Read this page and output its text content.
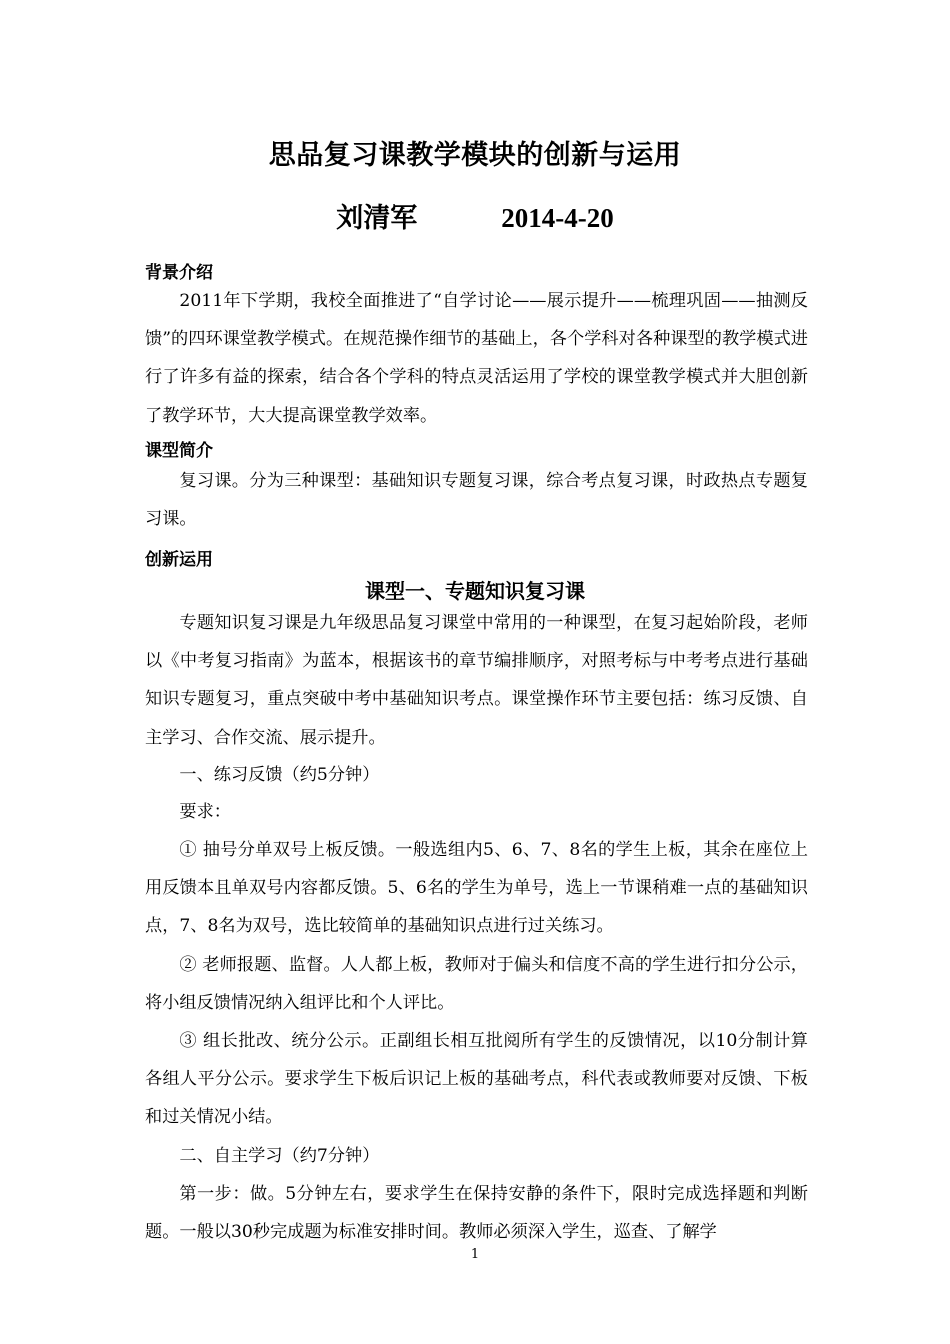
思品复习课教学模块的创新与运用
刘清军	2014-4-20
背景介绍

2011年下学期，我校全面推进了“自学讨论——展示提升——梳理巩固——抽测反馈”的四环课堂教学模式。在规范操作细节的基础上，各个学科对各种课型的教学模式进行了许多有益的探索，结合各个学科的特点灵活运用了学校的课堂教学模式并大胆创新了教学环节，大大提高课堂教学效率。

课型简介

复习课。分为三种课型：基础知识专题复习课，综合考点复习课，时政热点专题复习课。

创新运用
课型一、专题知识复习课

专题知识复习课是九年级思品复习课堂中常用的一种课型，在复习起始阶段，老师以《中考复习指南》为蓝本，根据该书的章节编排顺序，对照考标与中考考点进行基础知识专题复习，重点突破中考中基础知识考点。课堂操作环节主要包括：练习反馈、自主学习、合作交流、展示提升。

一、练习反馈（约5分钟）

要求：

① 抽号分单双号上板反馈。一般选组内5、6、7、8名的学生上板，其余在座位上用反馈本且单双号内容都反馈。5、6名的学生为单号，选上一节课稍难一点的基础知识点，7、8名为双号，选比较简单的基础知识点进行过关练习。

② 老师报题、监督。人人都上板，教师对于偏头和信度不高的学生进行扣分公示，将小组反馈情况纳入组评比和个人评比。

③ 组长批改、统分公示。正副组长相互批阅所有学生的反馈情况，以10分制计算各组人平分公示。要求学生下板后识记上板的基础考点，科代表或教师要对反馈、下板和过关情况小结。

二、自主学习（约7分钟）

第一步：做。5分钟左右，要求学生在保持安静的条件下，限时完成选择题和判断题。一般以30秒完成题为标准安排时间。教师必须深入学生，巡查、了解学

1
